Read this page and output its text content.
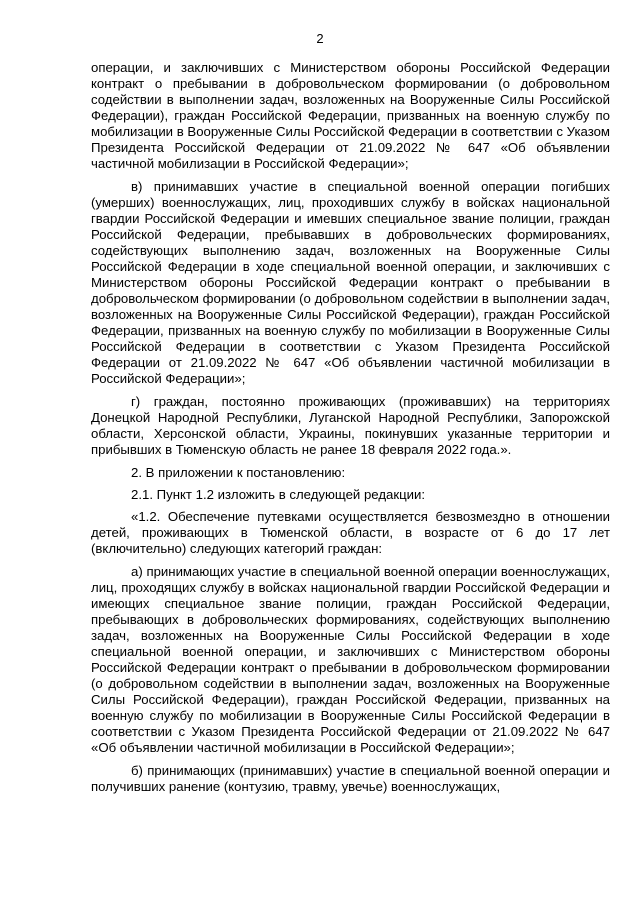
2

операции, и заключивших с Министерством обороны Российской Федерации контракт о пребывании в добровольческом формировании (о добровольном содействии в выполнении задач, возложенных на Вооруженные Силы Российской Федерации), граждан Российской Федерации, призванных на военную службу по мобилизации в Вооруженные Силы Российской Федерации в соответствии с Указом Президента Российской Федерации от 21.09.2022 № 647 «Об объявлении частичной мобилизации в Российской Федерации»;

в) принимавших участие в специальной военной операции погибших (умерших) военнослужащих, лиц, проходивших службу в войсках национальной гвардии Российской Федерации и имевших специальное звание полиции, граждан Российской Федерации, пребывавших в добровольческих формированиях, содействующих выполнению задач, возложенных на Вооруженные Силы Российской Федерации в ходе специальной военной операции, и заключивших с Министерством обороны Российской Федерации контракт о пребывании в добровольческом формировании (о добровольном содействии в выполнении задач, возложенных на Вооруженные Силы Российской Федерации), граждан Российской Федерации, призванных на военную службу по мобилизации в Вооруженные Силы Российской Федерации в соответствии с Указом Президента Российской Федерации от 21.09.2022 № 647 «Об объявлении частичной мобилизации в Российской Федерации»;

г) граждан, постоянно проживающих (проживавших) на территориях Донецкой Народной Республики, Луганской Народной Республики, Запорожской области, Херсонской области, Украины, покинувших указанные территории и прибывших в Тюменскую область не ранее 18 февраля 2022 года.».

2. В приложении к постановлению:

2.1. Пункт 1.2 изложить в следующей редакции:

«1.2. Обеспечение путевками осуществляется безвозмездно в отношении детей, проживающих в Тюменской области, в возрасте от 6 до 17 лет (включительно) следующих категорий граждан:

а) принимающих участие в специальной военной операции военнослужащих, лиц, проходящих службу в войсках национальной гвардии Российской Федерации и имеющих специальное звание полиции, граждан Российской Федерации, пребывающих в добровольческих формированиях, содействующих выполнению задач, возложенных на Вооруженные Силы Российской Федерации в ходе специальной военной операции, и заключивших с Министерством обороны Российской Федерации контракт о пребывании в добровольческом формировании (о добровольном содействии в выполнении задач, возложенных на Вооруженные Силы Российской Федерации), граждан Российской Федерации, призванных на военную службу по мобилизации в Вооруженные Силы Российской Федерации в соответствии с Указом Президента Российской Федерации от 21.09.2022 № 647 «Об объявлении частичной мобилизации в Российской Федерации»;

б) принимающих (принимавших) участие в специальной военной операции и получивших ранение (контузию, травму, увечье) военнослужащих,
